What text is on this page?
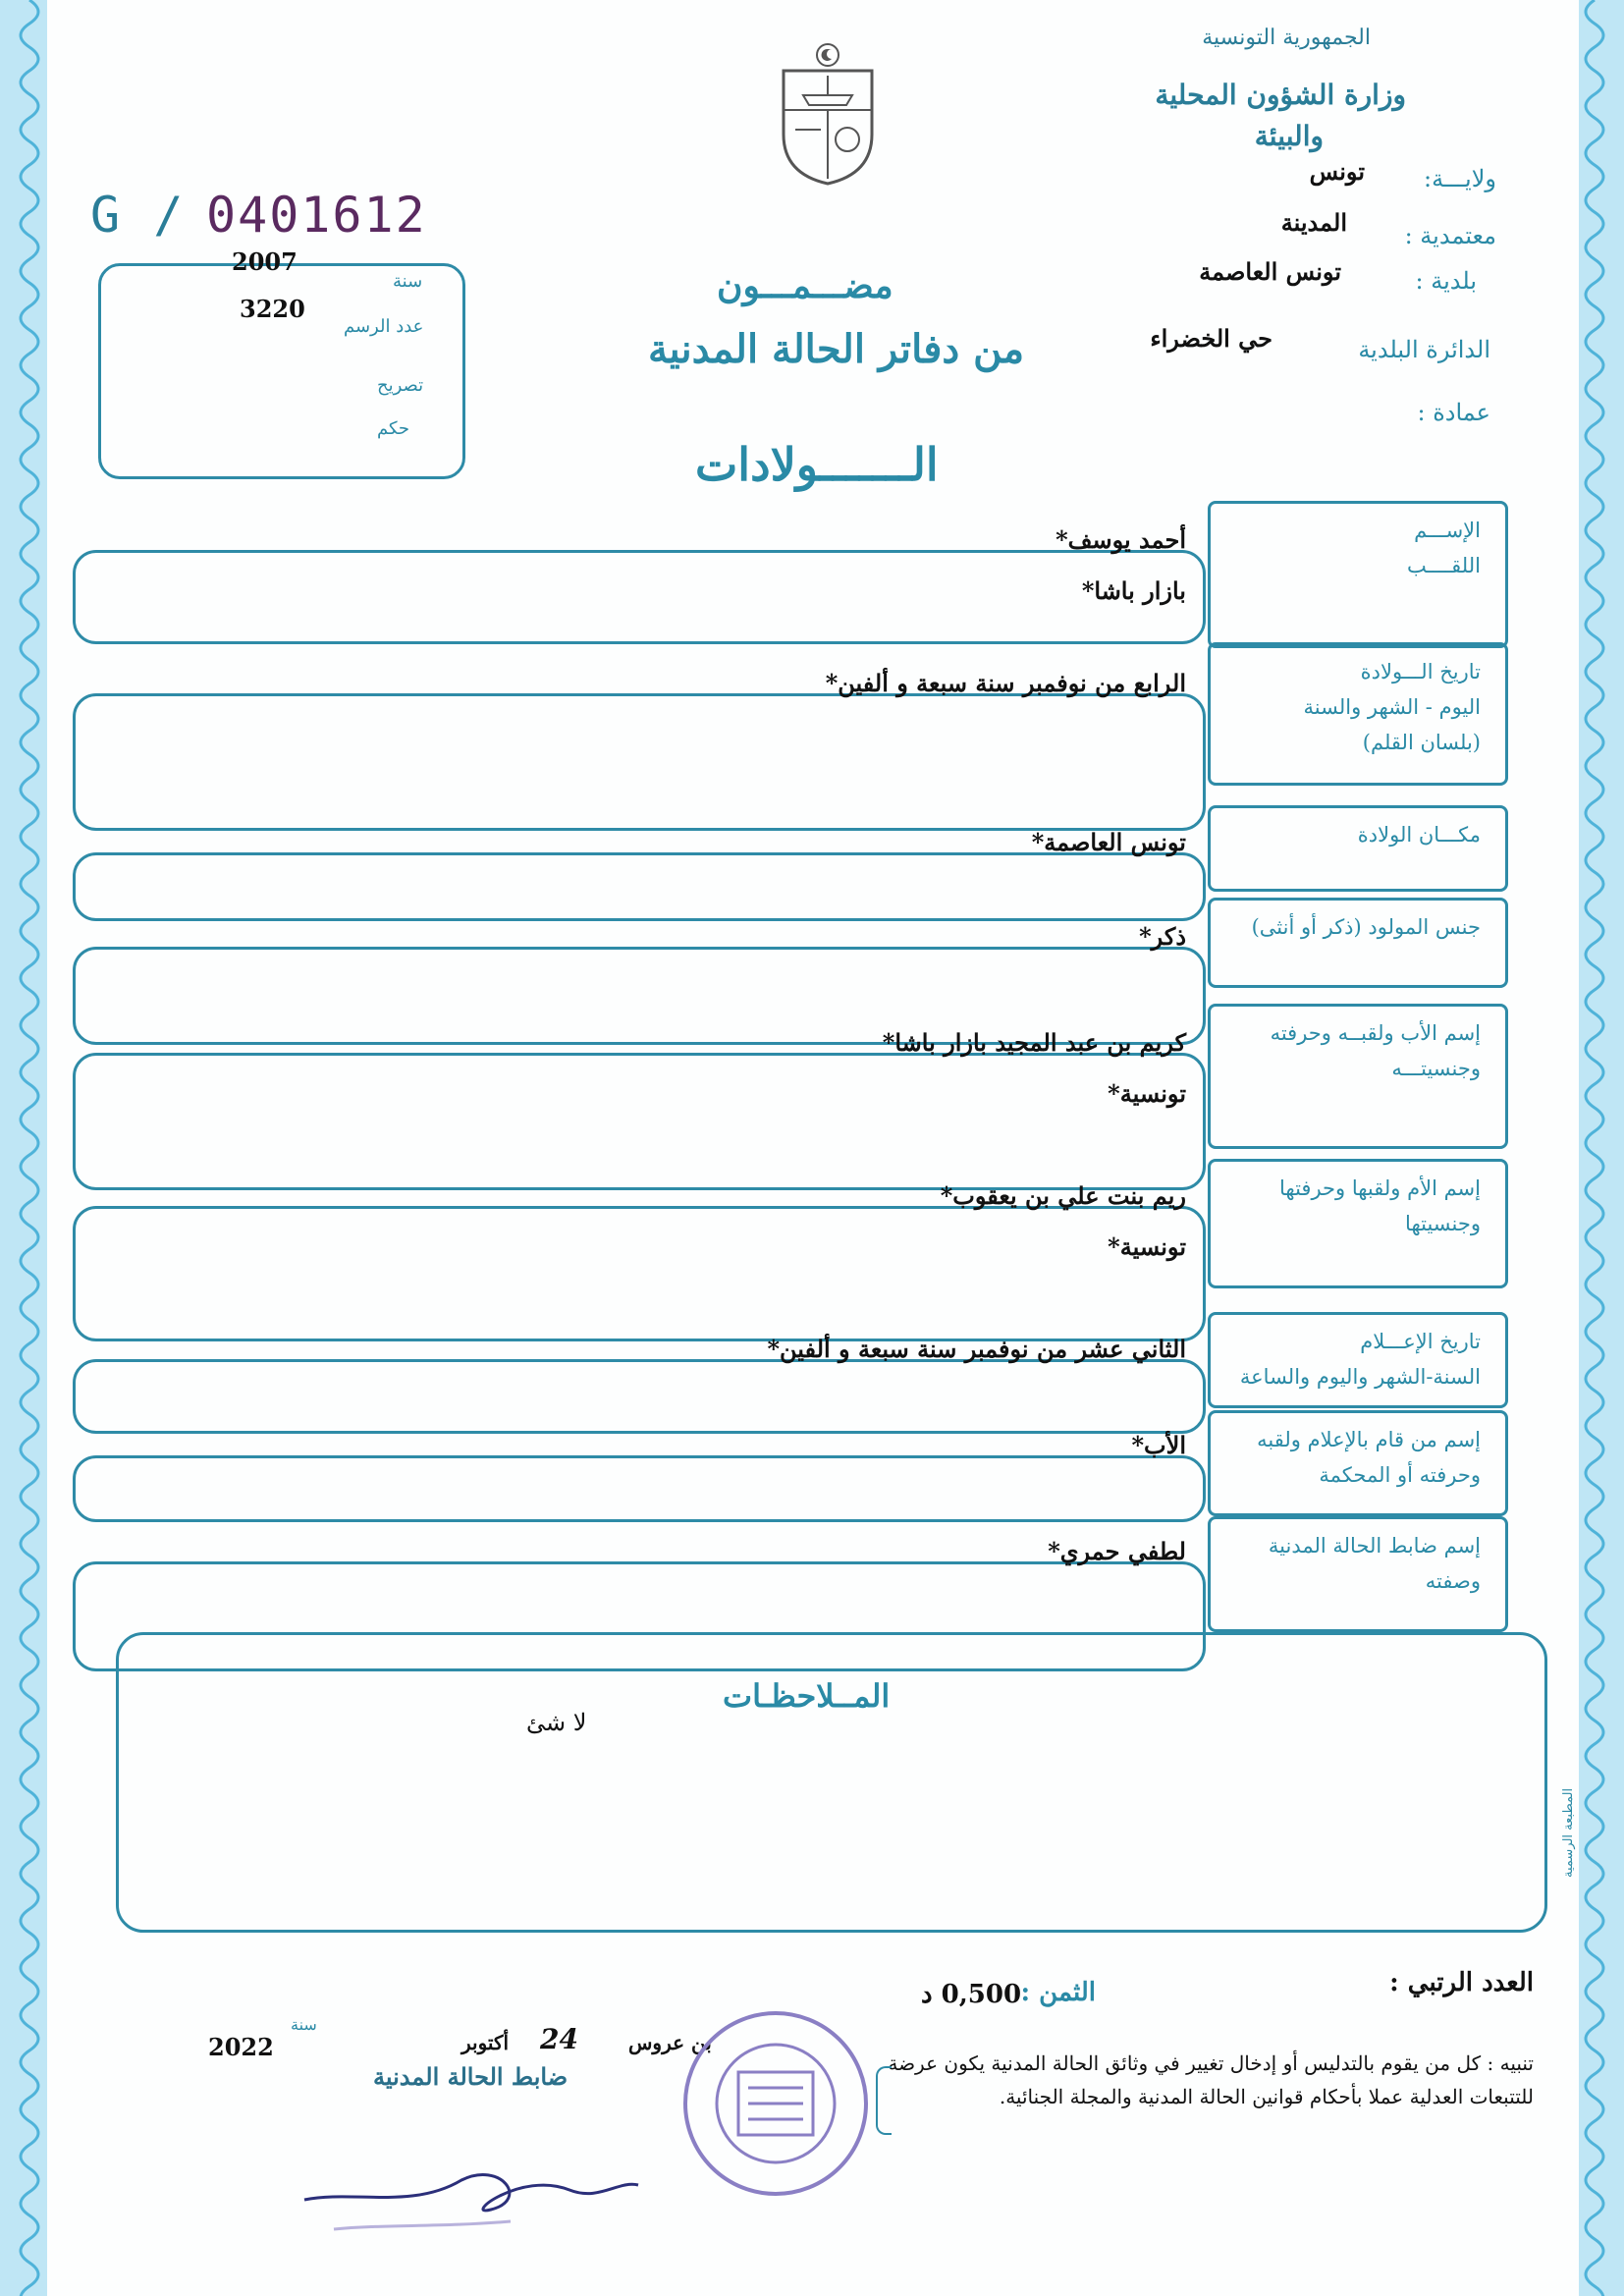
الجمهورية التونسية
وزارة الشؤون المحلية
والبيئة
ولايـــة:
تونس
معتمدية :
المدينة
بلدية :
تونس العاصمة
الدائرة البلدية
حي الخضراء
عمادة :
G / 0401612
سنة
2007
عدد الرسم
3220
تصريح
حكم
مضـــمـــون
من دفاتر الحالة المدنية
الـــــــولادات
الإســـم
اللقــــب
أحمد يوسف*
بازار باشا*
تاريخ الـــولادة
اليوم - الشهر والسنة
(بلسان القلم)
الرابع من نوفمبر سنة سبعة و ألفين*
مكـــان الولادة
تونس العاصمة*
جنس المولود (ذكر أو أنثى)
ذكر*
إسم الأب ولقبــه وحرفته
وجنسيتـــه
كريم بن عبد المجيد بازار باشا*
تونسية*
إسم الأم ولقبها وحرفتها
وجنسيتها
ريم بنت علي بن يعقوب*
تونسية*
تاريخ الإعـــلام
السنة-الشهر واليوم والساعة
الثاني عشر من نوفمبر سنة سبعة و ألفين*
إسم من قام بالإعلام ولقبه
وحرفته أو المحكمة
الأب*
إسم ضابط الحالة المدنية
وصفته
لطفي حمري*
المــلاحظـات
لا شئ
المطبعة الرسمية
العدد الرتبي :
الثمن :
0,500 د
سنة
2022	24
أكتوبر	بن عروس
ضابط الحالة المدنية	تنبيه : كل من يقوم بالتدليس أو إدخال تغيير في وثائق الحالة المدنية يكون عرضة
للتتبعات العدلية عملا بأحكام قوانين الحالة المدنية والمجلة الجنائية.
